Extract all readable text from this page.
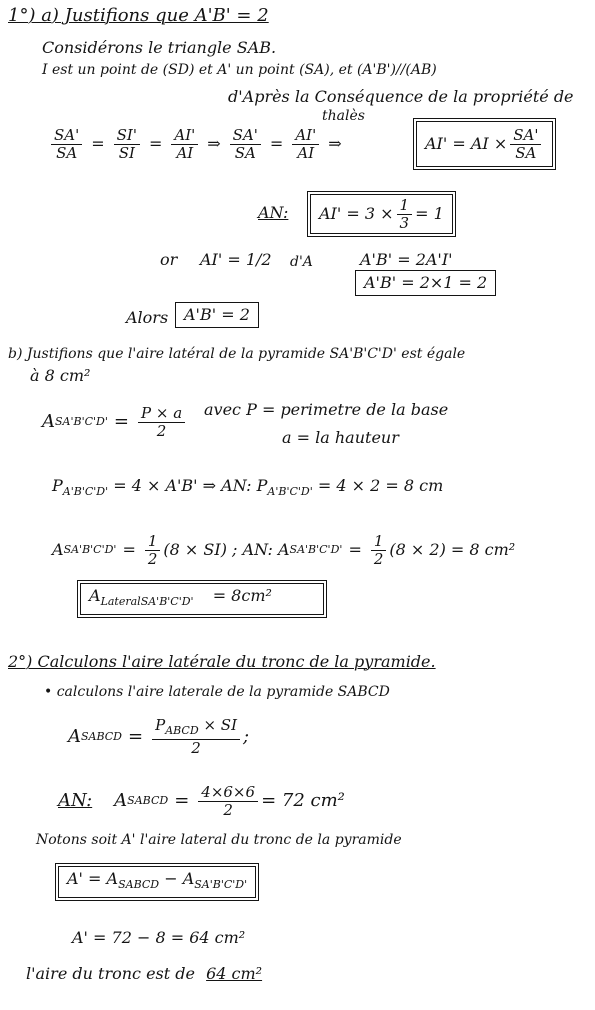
1°) a) Justifions que A'B' = 2
Considérons le triangle SAB.
I est un point de (SD) et A' un point (SA), et (A'B')//(AB)
d'Après la Conséquence de la propriété de
thalès
$\frac{SA'}{SA} = \frac{SI'}{SI} = \frac{AI'}{AI}$ ⇒ $\frac{SA'}{SA} = \frac{AI'}{AI}$ ⇒	AI' = AI × $\frac{SA'}{SA}$
AN: $AI' = 3 \times \frac{1}{3} = 1$
or AI' = 1/2 d'A	A'B' = 2A'I'
A'B' = 2×1 = 2
Alors A'B' = 2
b) Justifions que l'aire latéral de la pyramide SA'B'C'D' est égale
à 8 cm²
A $SA'B'C'D' = \frac{P \times a}{2}$ avec P = perimetre de la base
a = la hauteur
$P_{A'B'C'D'} = 4 \times A'B'$ ⇒ AN: $P_{A'B'C'D'} = 4 \times 2 = 8$ cm
A $SA'B'C'D' = \frac{1}{2} (8 \times SI)$ ; AN: A $SA'B'C'D' = \frac{1}{2} (8 \times 2) = 8$ cm²
$A_{LateralSA'B'C'D'} = 8cm^2$
2°) Calculons l'aire latérale du tronc de la pyramide.
• calculons l'aire laterale de la pyramide SABCD
A SABCD = $\frac{P_{ABCD} \times SI}{2}$ ;
AN: A SABCD = $\frac{4\times 6\times 6}{2} = 72$ cm²
Notons soit A' l'aire lateral du tronc de la pyramide
$A' = A_{SABCD} - A_{SA'B'C'D'}$
A' = 72 − 8 = 64 cm²
l'aire du tronc est de 64 cm²
